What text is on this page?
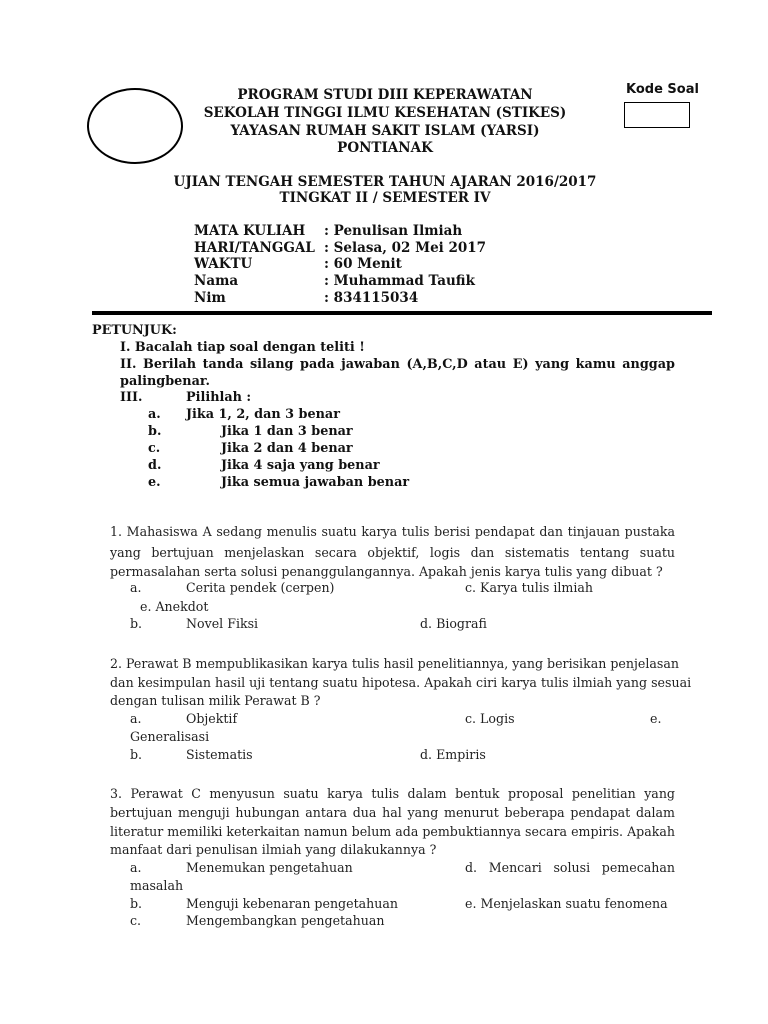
Kode Soal
PROGRAM STUDI DIII KEPERAWATAN
SEKOLAH TINGGI ILMU KESEHATAN (STIKES)
YAYASAN RUMAH SAKIT ISLAM (YARSI)
PONTIANAK
UJIAN TENGAH SEMESTER TAHUN AJARAN 2016/2017
TINGKAT II / SEMESTER IV
MATA KULIAH : Penulisan Ilmiah
HARI/TANGGAL : Selasa, 02 Mei 2017
WAKTU	: 60 Menit
Nama	: Muhammad Taufik
Nim	: 834115034
PETUNJUK:
I. Bacalah tiap soal dengan teliti !
II. Berilah tanda silang pada jawaban (A,B,C,D atau E) yang kamu anggap
palingbenar.
III.	Pilihlah :
a. Jika 1, 2, dan 3 benar
b.	Jika 1 dan 3 benar
c.	Jika 2 dan 4 benar
d.	Jika 4 saja yang benar
e.	Jika semua jawaban benar
1. Mahasiswa A sedang menulis suatu karya tulis berisi pendapat dan tinjauan pustaka
yang bertujuan menjelaskan secara objektif, logis dan sistematis tentang suatu
permasalahan serta solusi penanggulangannya. Apakah jenis karya tulis yang dibuat ?
a.	Cerita pendek (cerpen)	c. Karya tulis ilmiah
e. Anekdot
b.	Novel Fiksi	d. Biografi
2. Perawat B mempublikasikan karya tulis hasil penelitiannya, yang berisikan penjelasan
dan kesimpulan hasil uji tentang suatu hipotesa. Apakah ciri karya tulis ilmiah yang sesuai
dengan tulisan milik Perawat B ?
a.	Objektif	c. Logis	e.
Generalisasi
b.	Sistematis	d. Empiris
3. Perawat C menyusun suatu karya tulis dalam bentuk proposal penelitian yang
bertujuan menguji hubungan antara dua hal yang menurut beberapa pendapat dalam
literatur memiliki keterkaitan namun belum ada pembuktiannya secara empiris. Apakah
manfaat dari penulisan ilmiah yang dilakukannya ?
a.	Menemukan pengetahuan	d. Mencari solusi pemecahan
masalah
b.	Menguji kebenaran pengetahuan	e. Menjelaskan suatu fenomena
c.	Mengembangkan pengetahuan
